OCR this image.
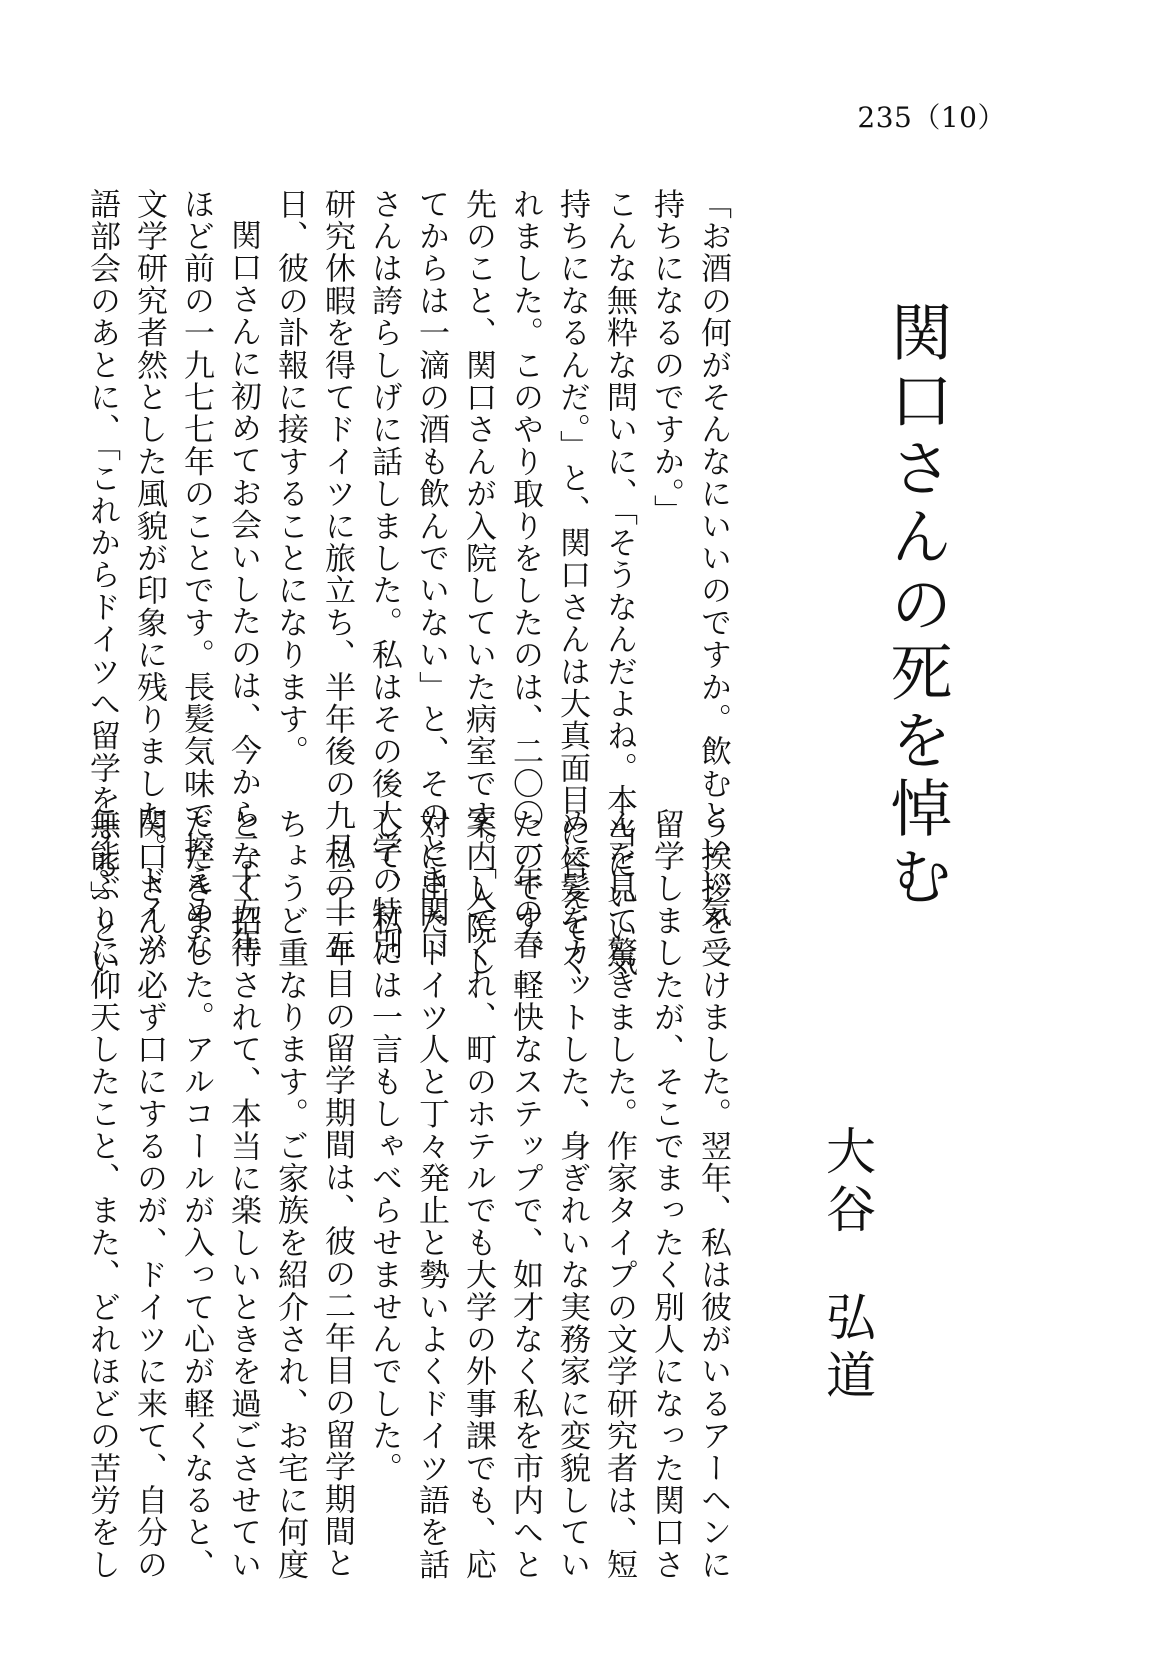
235（10）
関口さんの死を悼む
大谷弘道
「お酒の何がそんなにいいのですか。飲むといい気
持ちになるのですか。」
こんな無粋な問いに、「そうなんだよね。本当にいい気
持ちになるんだ。」と、関口さんは大真面目に答えてく
れました。このやり取りをしたのは、二〇〇一年の春
先のこと、関口さんが入院していた病室です。「入院し
てからは一滴の酒も飲んでいない」と、そのとき関口
さんは誇らしげに話しました。私はその後大学の特別
研究休暇を得てドイツに旅立ち、半年後の九月二十五
日、彼の訃報に接することになります。
関口さんに初めてお会いしたのは、今から二十五年
ほど前の一九七七年のことです。長髪気味で控えめな
文学研究者然とした風貌が印象に残りました。ドイツ
語部会のあとに、「これからドイツへ留学をする」とい
う挨拶を受けました。翌年、私は彼がいるアーヘンに
留学しましたが、そこでまったく別人になった関口さ
んを見て驚きました。作家タイプの文学研究者は、短
めに髪をカットした、身ぎれいな実務家に変貌してい
たのです。軽快なステップで、如才なく私を市内へと
案内してくれ、町のホテルでも大学の外事課でも、応
対に出たドイツ人と丁々発止と勢いよくドイツ語を話
して、私には一言もしゃべらせませんでした。
私の一年目の留学期間は、彼の二年目の留学期間と
ちょうど重なります。ご家族を紹介され、お宅に何度
となく招待されて、本当に楽しいときを過ごさせてい
ただきました。アルコールが入って心が軽くなると、
関口さんが必ず口にするのが、ドイツに来て、自分の
無能ぶりに仰天したこと、また、どれほどの苦労をし
